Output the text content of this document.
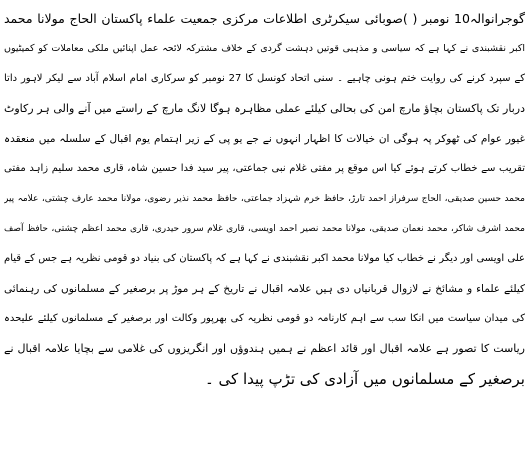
گوجرانوالہ10 نومبر ( )صوبائی سیکرٹری اطلاعات مرکزی جمعیت علماء پاکستان الحاج مولانا محمد
اکبر نقشبندی نے کہا ہے کہ سیاسی و مذہبی قوتیں دہشت گردی کے خلاف مشترکہ لائحہ عمل اپنائیں ملکی معاملات کو کمیٹیوں
کے سپرد کرنے کی روایت ختم ہونی چاہیے ۔ سنی اتحاد کونسل کا 27 نومبر کو سرکاری امام اسلام آباد سے لیکر لاہور داتا
دربار تک پاکستان بچاؤ مارچ امن کی بحالی کیلئے عملی مظاہرہ ہوگا لانگ مارچ کے راستے میں آنے والی ہر رکاوٹ
غیور عوام کی ٹھوکر پہ ہوگی ان خیالات کا اظہار انہوں نے جے یو پی کے زیر اہتمام یوم اقبال کے سلسلہ میں منعقدہ
تقریب سے خطاب کرتے ہوئے کیا اس موقع پر مفتی غلام نبی جماعتی، پیر سید فدا حسین شاہ، قاری محمد سلیم زاہد مفتی
محمد حسین صدیقی، الحاج سرفراز احمد تارڑ، حافظ خرم شہزاد جماعتی، حافظ محمد نذیر رضوی، مولانا محمد عارف چشتی، علامہ پیر
محمد اشرف شاکر، محمد نعمان صدیقی، مولانا محمد نصیر احمد اویسی، قاری غلام سرور حیدری، قاری محمد اعظم چشتی، حافظ آصف
علی اویسی اور دیگر نے خطاب کیا مولانا محمد اکبر نقشبندی نے کہا ہے کہ پاکستان کی بنیاد دو قومی نظریہ ہے جس کے قیام
کیلئے علماء و مشائخ نے لازوال قربانیاں دی ہیں علامہ اقبال نے تاریخ کے ہر موڑ پر برصغیر کے مسلمانوں کی رہنمائی
کی میدان سیاست میں انکا سب سے اہم کارنامہ دو قومی نظریہ کی بھرپور وکالت اور برصغیر کے مسلمانوں کیلئے علیحدہ
ریاست کا تصور ہے علامہ اقبال اور قائد اعظم نے ہمیں ہندوؤں اور انگریزوں کی غلامی سے بچایا علامہ اقبال نے
برصغیر کے مسلمانوں میں آزادی کی تڑپ پیدا کی ۔
